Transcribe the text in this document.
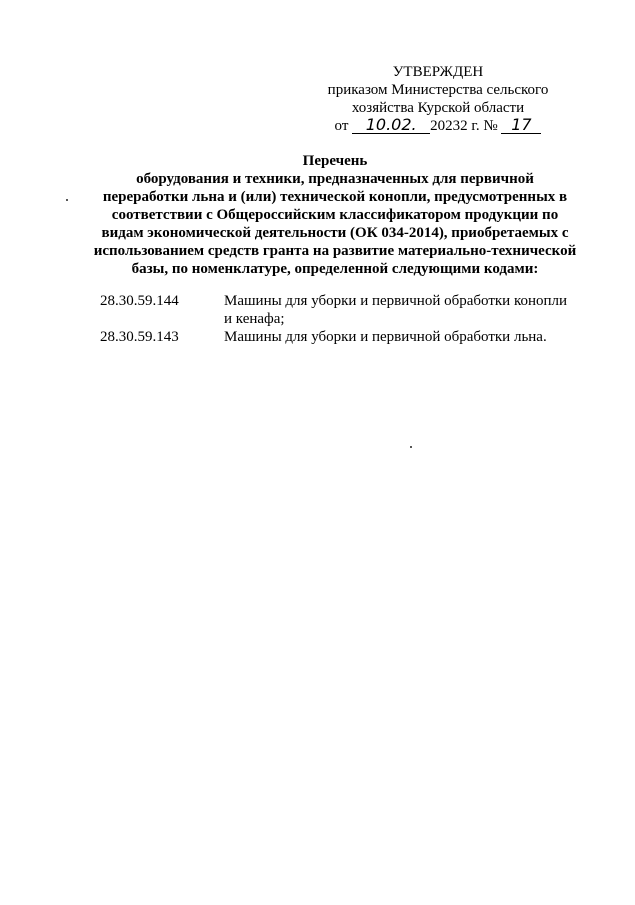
УТВЕРЖДЕН
приказом Министерства сельского
хозяйства Курской области
от 10.02. 20232 г. № 17
Перечень
оборудования и техники, предназначенных для первичной
переработки льна и (или) технической конопли, предусмотренных в
соответствии с Общероссийским классификатором продукции по
видам экономической деятельности (ОК 034-2014), приобретаемых с
использованием средств гранта на развитие материально-технической
базы, по номенклатуре, определенной следующими кодами:
28.30.59.144	Машины для уборки и первичной обработки конопли
и кенафа;
28.30.59.143	Машины для уборки и первичной обработки льна.
